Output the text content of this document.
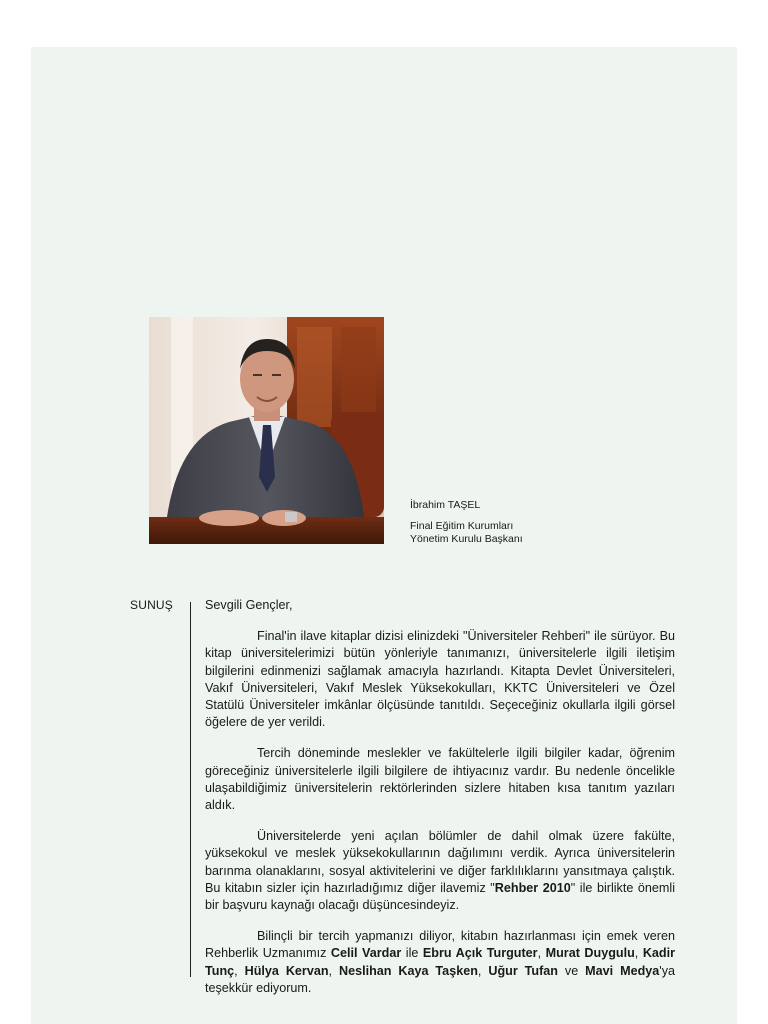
İbrahim TAŞEL
Final Eğitim Kurumları
Yönetim Kurulu Başkanı
SUNUŞ	Sevgili Gençler,

Final'in ilave kitaplar dizisi elinizdeki "Üniversiteler Rehberi" ile sürüyor. Bu kitap üniversitelerimizi bütün yönleriyle tanımanızı, üniversitelerle ilgili iletişim bilgilerini edinmenizi sağlamak amacıyla hazırlandı. Kitapta Devlet Üniversiteleri, Vakıf Üniversiteleri, Vakıf Meslek Yüksekokulları, KKTC Üniversiteleri ve Özel Statülü Üniversiteler imkânlar ölçüsünde tanıtıldı. Seçeceğiniz okullarla ilgili görsel öğelere de yer verildi.

Tercih döneminde meslekler ve fakültelerle ilgili bilgiler kadar, öğrenim göreceğiniz üniversitelerle ilgili bilgilere de ihtiyacınız vardır. Bu nedenle öncelikle ulaşabildiğimiz üniversitelerin rektörlerinden sizlere hitaben kısa tanıtım yazıları aldık.

Üniversitelerde yeni açılan bölümler de dahil olmak üzere fakülte, yüksekokul ve meslek yüksekokullarının dağılımını verdik. Ayrıca üniversitelerin barınma olanaklarını, sosyal aktivitelerini ve diğer farklılıklarını yansıtmaya çalıştık. Bu kitabın sizler için hazırladığımız diğer ilavemiz "Rehber 2010" ile birlikte önemli bir başvuru kaynağı olacağı düşüncesindeyiz.

Bilinçli bir tercih yapmanızı diliyor, kitabın hazırlanması için emek veren Rehberlik Uzmanımız Celil Vardar ile Ebru Açık Turguter, Murat Duygulu, Kadir Tunç, Hülya Kervan, Neslihan Kaya Taşken, Uğur Tufan ve Mavi Medya'ya teşekkür ediyorum.
